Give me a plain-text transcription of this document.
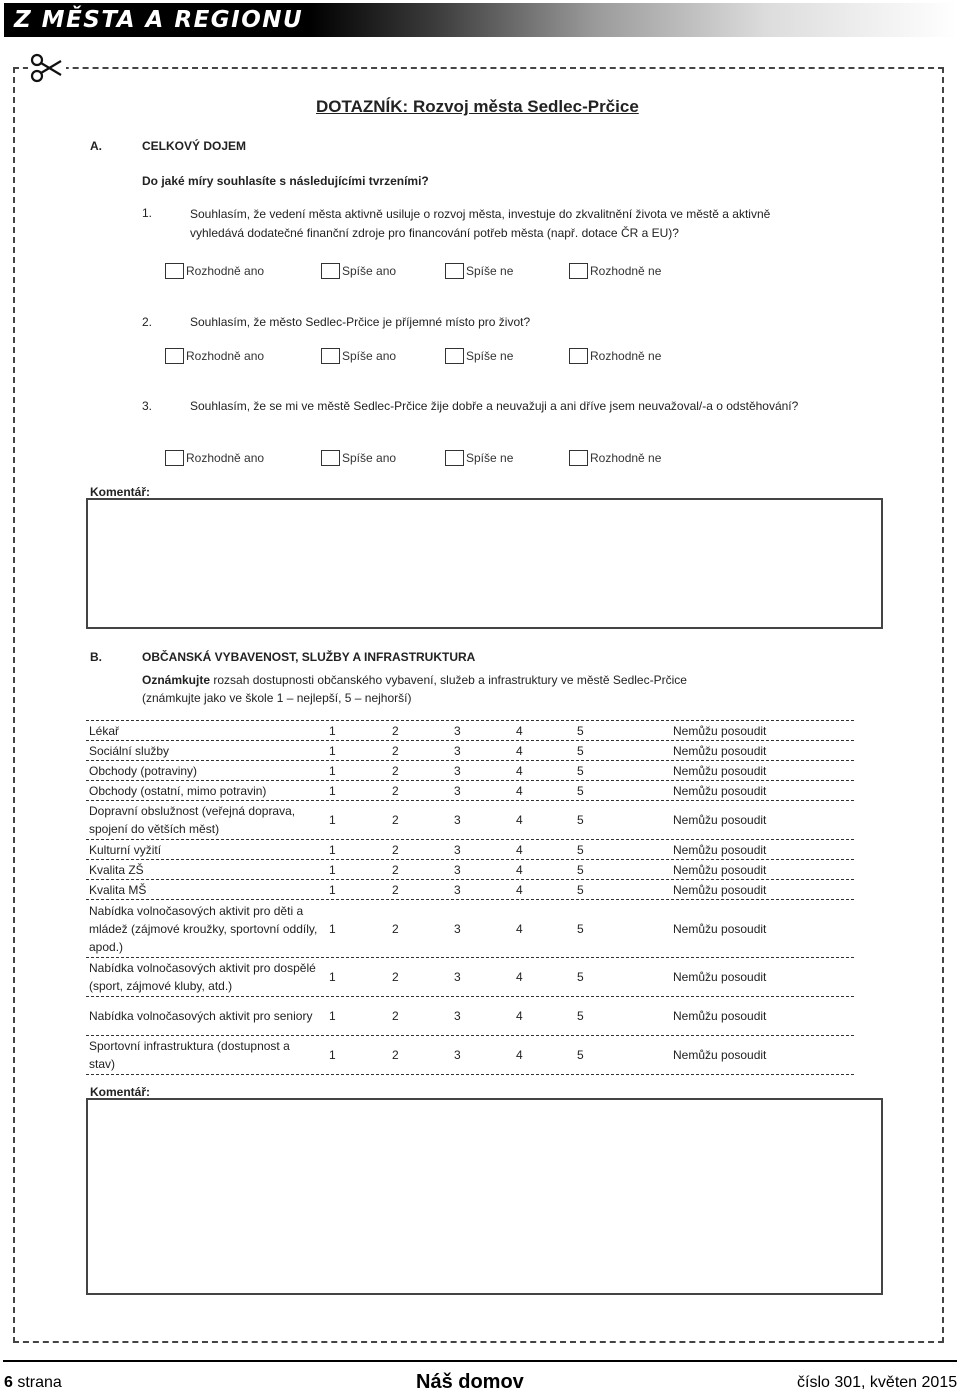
Z MĚSTA A REGIONU
DOTAZNÍK: Rozvoj města Sedlec-Prčice
A.	CELKOVÝ DOJEM
Do jaké míry souhlasíte s následujícími tvrzeními?
1.	Souhlasím, že vedení města aktivně usiluje o rozvoj města, investuje do zkvalitnění života ve městě a aktivně vyhledává dodatečné finanční zdroje pro financování potřeb města (např. dotace ČR a EU)?
Rozhodně ano	Spíše ano	Spíše ne	Rozhodně ne
2.	Souhlasím, že město Sedlec-Prčice je příjemné místo pro život?
Rozhodně ano	Spíše ano	Spíše ne	Rozhodně ne
3.	Souhlasím, že se mi ve městě Sedlec-Prčice žije dobře a neuvažuji a ani dříve jsem neuvažoval/-a o odstěhování?
Rozhodně ano	Spíše ano	Spíše ne	Rozhodně ne
Komentář:
B.	OBČANSKÁ VYBAVENOST, SLUŽBY A INFRASTRUKTURA
Oznámkujte rozsah dostupnosti občanského vybavení, služeb a infrastruktury ve městě Sedlec-Prčice
(známkujte jako ve škole 1 – nejlepší, 5 – nejhorší)
Lékař	1	2	3	4	5	Nemůžu posoudit
Sociální služby	1	2	3	4	5	Nemůžu posoudit
Obchody (potraviny)	1	2	3	4	5	Nemůžu posoudit
Obchody (ostatní, mimo potravin)	1	2	3	4	5	Nemůžu posoudit
Dopravní obslužnost (veřejná doprava, spojení do větších měst)
1	2	3	4	5	Nemůžu posoudit
Kulturní vyžití	1	2	3	4	5	Nemůžu posoudit
Kvalita ZŠ	1	2	3	4	5	Nemůžu posoudit
Kvalita MŠ	1	2	3	4	5	Nemůžu posoudit
Nabídka volnočasových aktivit pro děti a mládež (zájmové kroužky, sportovní oddíly, apod.)
1	2	3	4	5	Nemůžu posoudit
Nabídka volnočasových aktivit pro dospělé (sport, zájmové kluby, atd.)
1	2	3	4	5	Nemůžu posoudit
Nabídka volnočasových aktivit pro seniory	1	2	3	4	5	Nemůžu posoudit
Sportovní infrastruktura (dostupnost a stav)
1	2	3	4	5	Nemůžu posoudit
Komentář:
6 strana	Náš domov	číslo 301, květen 2015
